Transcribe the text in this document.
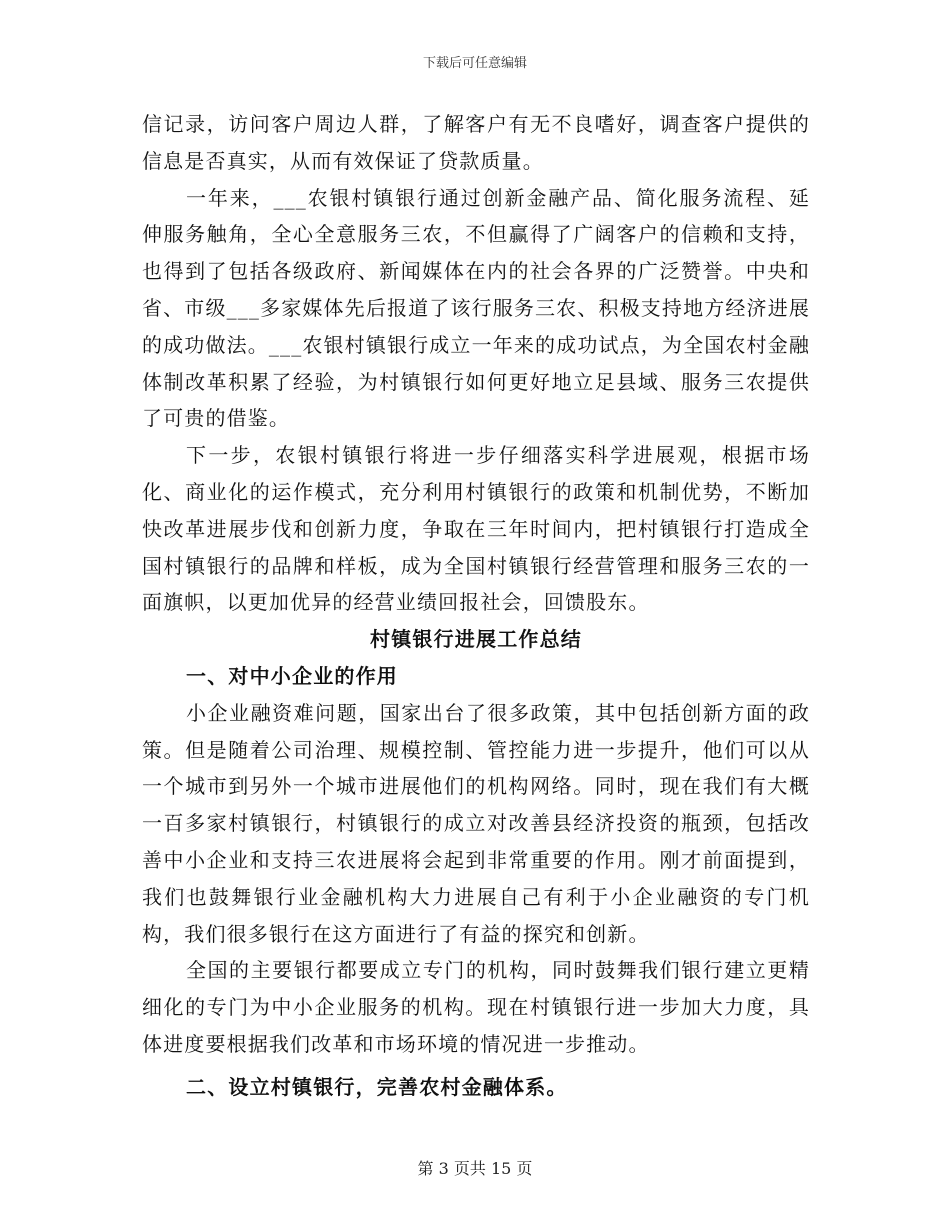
下载后可任意编辑

信记录，访问客户周边人群，了解客户有无不良嗜好，调查客户提供的信息是否真实，从而有效保证了贷款质量。

一年来，___农银村镇银行通过创新金融产品、简化服务流程、延伸服务触角，全心全意服务三农，不但赢得了广阔客户的信赖和支持，也得到了包括各级政府、新闻媒体在内的社会各界的广泛赞誉。中央和省、市级___多家媒体先后报道了该行服务三农、积极支持地方经济进展的成功做法。___农银村镇银行成立一年来的成功试点，为全国农村金融体制改革积累了经验，为村镇银行如何更好地立足县域、服务三农提供了可贵的借鉴。

下一步，农银村镇银行将进一步仔细落实科学进展观，根据市场化、商业化的运作模式，充分利用村镇银行的政策和机制优势，不断加快改革进展步伐和创新力度，争取在三年时间内，把村镇银行打造成全国村镇银行的品牌和样板，成为全国村镇银行经营管理和服务三农的一面旗帜，以更加优异的经营业绩回报社会，回馈股东。

村镇银行进展工作总结
一、对中小企业的作用

小企业融资难问题，国家出台了很多政策，其中包括创新方面的政策。但是随着公司治理、规模控制、管控能力进一步提升，他们可以从一个城市到另外一个城市进展他们的机构网络。同时，现在我们有大概一百多家村镇银行，村镇银行的成立对改善县经济投资的瓶颈，包括改善中小企业和支持三农进展将会起到非常重要的作用。刚才前面提到，我们也鼓舞银行业金融机构大力进展自己有利于小企业融资的专门机构，我们很多银行在这方面进行了有益的探究和创新。

全国的主要银行都要成立专门的机构，同时鼓舞我们银行建立更精细化的专门为中小企业服务的机构。现在村镇银行进一步加大力度，具体进度要根据我们改革和市场环境的情况进一步推动。

二、设立村镇银行，完善农村金融体系。
第 3 页共 15 页
